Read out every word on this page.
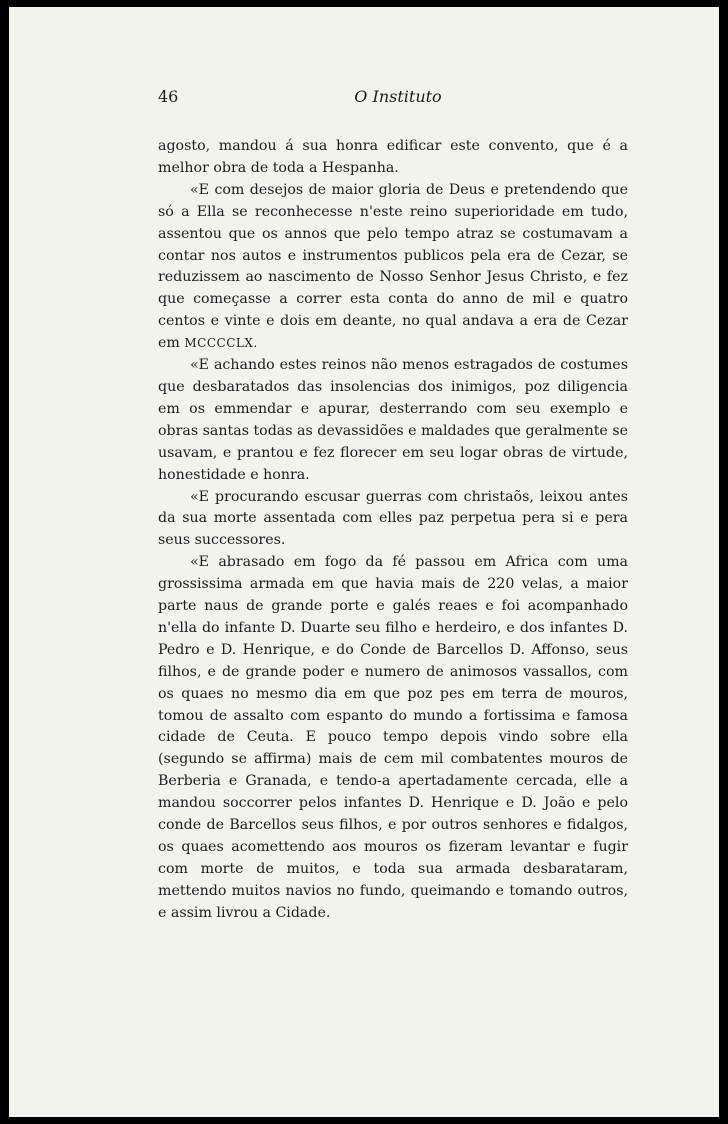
46	O Instituto

agosto, mandou á sua honra edificar este convento, que é a melhor obra de toda a Hespanha.

«E com desejos de maior gloria de Deus e pretendendo que só a Ella se reconhecesse n'este reino superioridade em tudo, assentou que os annos que pelo tempo atraz se costumavam a contar nos autos e instrumentos publicos pela era de Cezar, se reduzissem ao nascimento de Nosso Senhor Jesus Christo, e fez que começasse a correr esta conta do anno de mil e quatro centos e vinte e dois em deante, no qual andava a era de Cezar em MCCCCLX.

«E achando estes reinos não menos estragados de costumes que desbaratados das insolencias dos inimigos, poz diligencia em os emmendar e apurar, desterrando com seu exemplo e obras santas todas as devassidões e maldades que geralmente se usavam, e prantou e fez florecer em seu logar obras de virtude, honestidade e honra.

«E procurando escusar guerras com christaõs, leixou antes da sua morte assentada com elles paz perpetua pera si e pera seus successores.

«E abrasado em fogo da fé passou em Africa com uma grossissima armada em que havia mais de 220 velas, a maior parte naus de grande porte e galés reaes e foi acompanhado n'ella do infante D. Duarte seu filho e herdeiro, e dos infantes D. Pedro e D. Henrique, e do Conde de Barcellos D. Affonso, seus filhos, e de grande poder e numero de animosos vassallos, com os quaes no mesmo dia em que poz pes em terra de mouros, tomou de assalto com espanto do mundo a fortissima e famosa cidade de Ceuta. E pouco tempo depois vindo sobre ella (segundo se affirma) mais de cem mil combatentes mouros de Berberia e Granada, e tendo-a apertadamente cercada, elle a mandou soccorrer pelos infantes D. Henrique e D. João e pelo conde de Barcellos seus filhos, e por outros senhores e fidalgos, os quaes acomettendo aos mouros os fizeram levantar e fugir com morte de muitos, e toda sua armada desbarataram, mettendo muitos navios no fundo, queimando e tomando outros, e assim livrou a Cidade.
